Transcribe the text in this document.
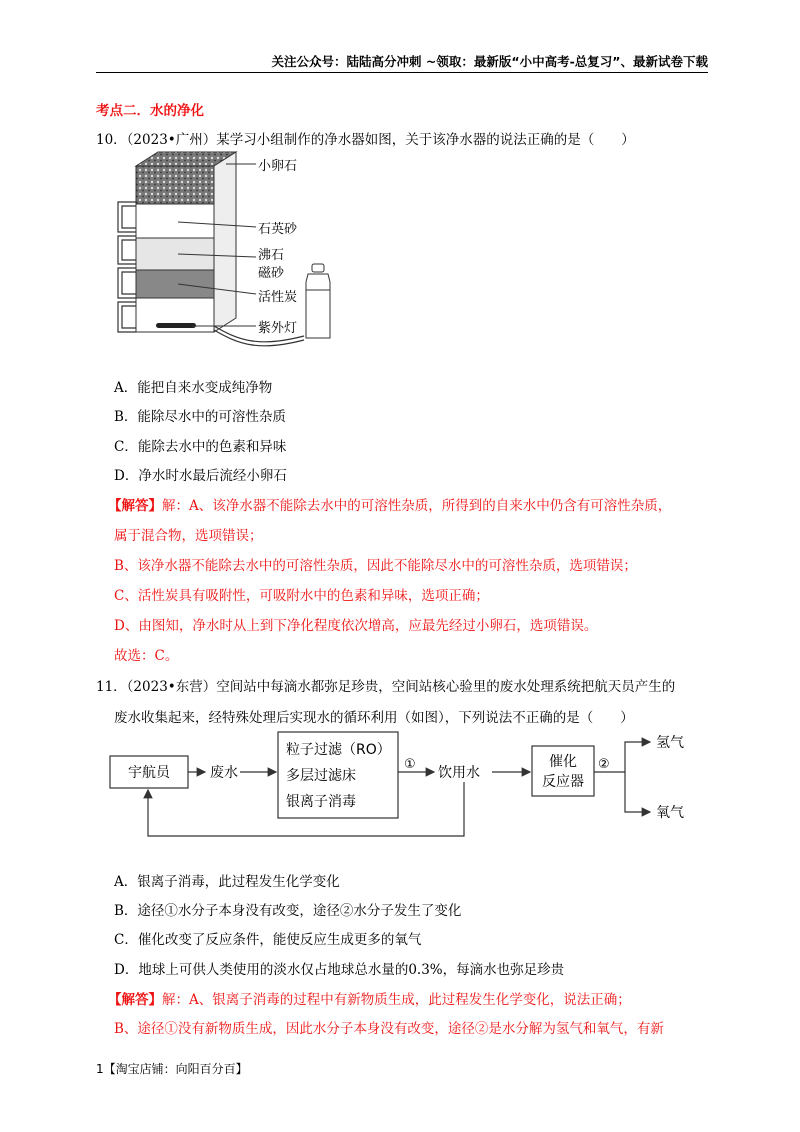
关注公众号：陆陆高分冲刺 ~领取：最新版“小中高考-总复习”、最新试卷下载
考点二．水的净化
10．（2023•广州）某学习小组制作的净水器如图，关于该净水器的说法正确的是（　　）
小卵石
石英砂
沸石
磁砂
活性炭
紫外灯
A．能把自来水变成纯净物
B．能除尽水中的可溶性杂质
C．能除去水中的色素和异味
D．净水时水最后流经小卵石
【解答】解：A、该净水器不能除去水中的可溶性杂质，所得到的自来水中仍含有可溶性杂质，
属于混合物，选项错误；
B、该净水器不能除去水中的可溶性杂质，因此不能除尽水中的可溶性杂质，选项错误；
C、活性炭具有吸附性，可吸附水中的色素和异味，选项正确；
D、由图知，净水时从上到下净化程度依次增高，应最先经过小卵石，选项错误。
故选：C。
11．（2023•东营）空间站中每滴水都弥足珍贵，空间站核心验里的废水处理系统把航天员产生的
废水收集起来，经特殊处理后实现水的循环利用（如图），下列说法不正确的是（　　）
宇航员	废水
粒子过滤（RO）
多层过滤床
银离子消毒
①
饮用水
催化
反应器
②
氢气
氧气
A．银离子消毒，此过程发生化学变化
B．途径①水分子本身没有改变，途径②水分子发生了变化
C．催化改变了反应条件，能使反应生成更多的氧气
D．地球上可供人类使用的淡水仅占地球总水量的0.3%，每滴水也弥足珍贵
【解答】解：A、银离子消毒的过程中有新物质生成，此过程发生化学变化，说法正确；
B、途径①没有新物质生成，因此水分子本身没有改变，途径②是水分解为氢气和氧气，有新
1【淘宝店铺：向阳百分百】
